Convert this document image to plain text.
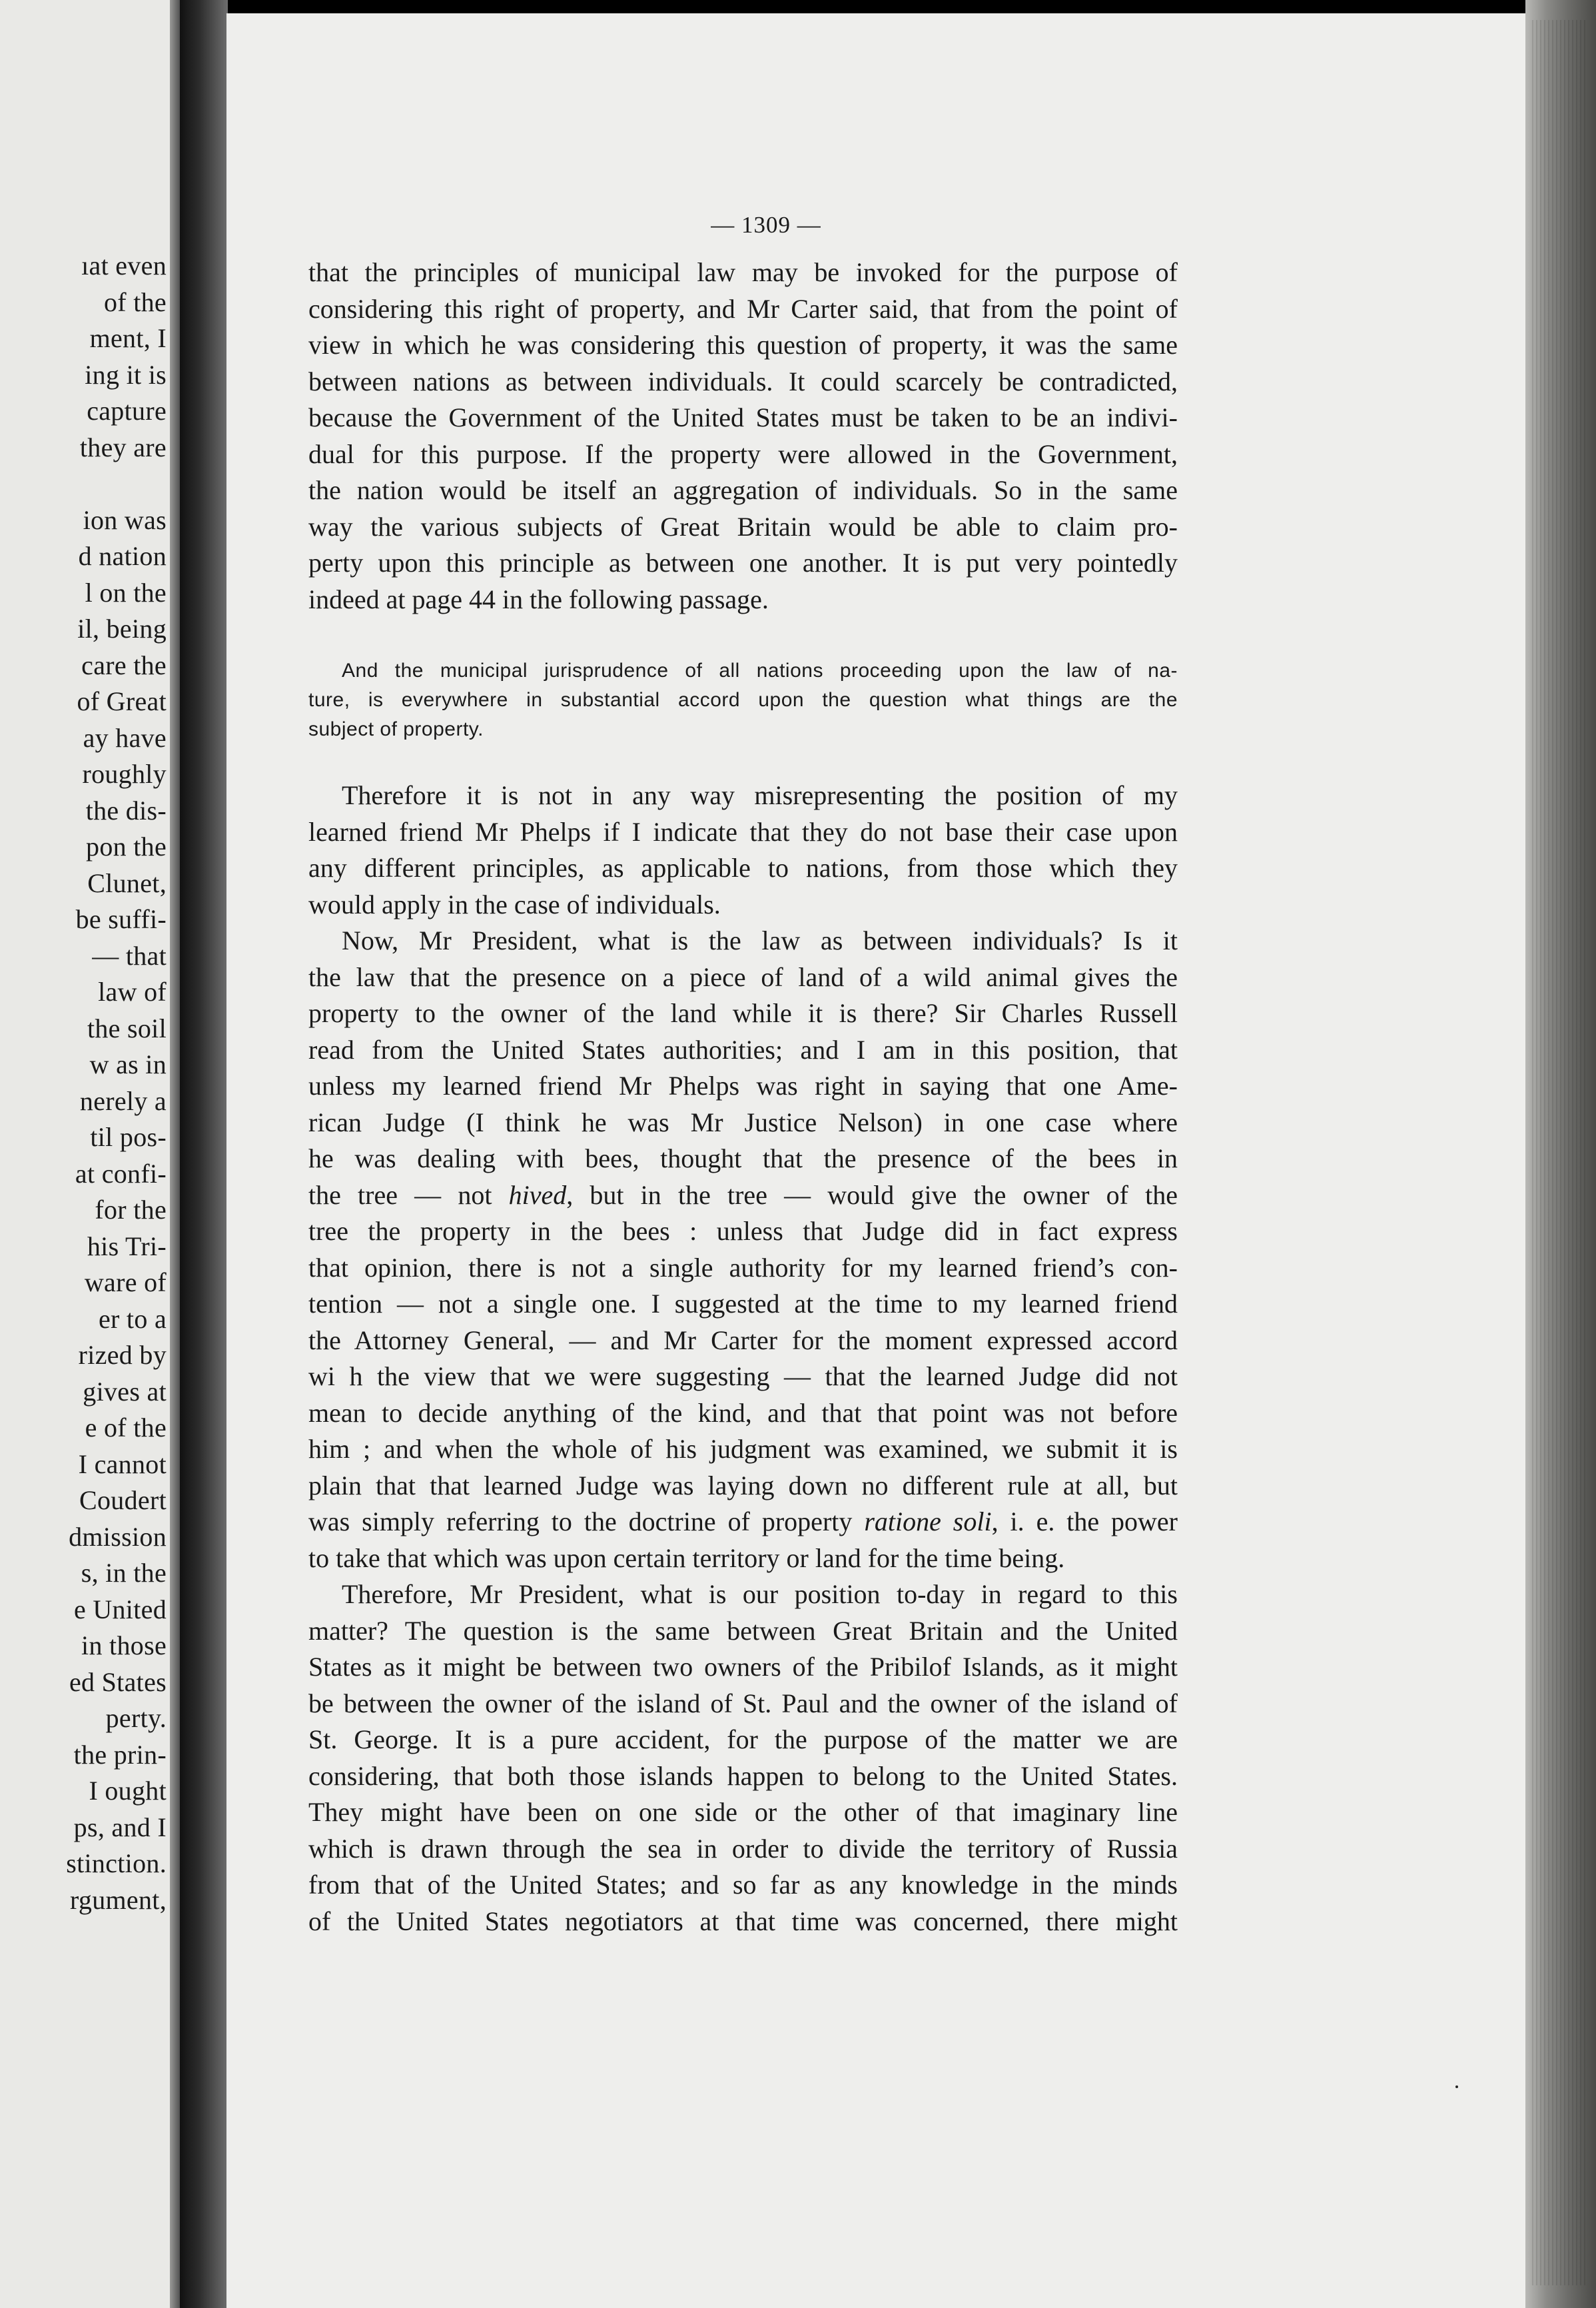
ıat even
of the
ment, I
ing it is
capture
they are
ion was
d nation
l on the
il, being
care the
of Great
ay have
roughly
the dis-
pon the
Clunet,
be suffi-
— that
law of
the soil
w as in
nerely a
til pos-
at confi-
for the
his Tri-
ware of
er to a
rized by
gives at
e of the
I cannot
Coudert
dmission
s, in the
e United
in those
ed States
perty.
the prin-
I ought
ps, and I
stinction.
rgument,
— 1309 —
that the principles of municipal law may be invoked for the purpose of
considering this right of property, and Mr Carter said, that from the point of
view in which he was considering this question of property, it was the same
between nations as between individuals. It could scarcely be contradicted,
because the Government of the United States must be taken to be an indivi-
dual for this purpose. If the property were allowed in the Government,
the nation would be itself an aggregation of individuals. So in the same
way the various subjects of Great Britain would be able to claim pro-
perty upon this principle as between one another. It is put very pointedly
indeed at page 44 in the following passage.
And the municipal jurisprudence of all nations proceeding upon the law of na-
ture, is everywhere in substantial accord upon the question what things are the
subject of property.
Therefore it is not in any way misrepresenting the position of my
learned friend Mr Phelps if I indicate that they do not base their case upon
any different principles, as applicable to nations, from those which they
would apply in the case of individuals.
Now, Mr President, what is the law as between individuals? Is it
the law that the presence on a piece of land of a wild animal gives the
property to the owner of the land while it is there? Sir Charles Russell
read from the United States authorities; and I am in this position, that
unless my learned friend Mr Phelps was right in saying that one Ame-
rican Judge (I think he was Mr Justice Nelson) in one case where
he was dealing with bees, thought that the presence of the bees in
the tree — not hived, but in the tree — would give the owner of the
tree the property in the bees : unless that Judge did in fact express
that opinion, there is not a single authority for my learned friend’s con-
tention — not a single one. I suggested at the time to my learned friend
the Attorney General, — and Mr Carter for the moment expressed accord
wi h the view that we were suggesting — that the learned Judge did not
mean to decide anything of the kind, and that that point was not before
him ; and when the whole of his judgment was examined, we submit it is
plain that that learned Judge was laying down no different rule at all, but
was simply referring to the doctrine of property ratione soli, i. e. the power
to take that which was upon certain territory or land for the time being.
Therefore, Mr President, what is our position to-day in regard to this
matter? The question is the same between Great Britain and the United
States as it might be between two owners of the Pribilof Islands, as it might
be between the owner of the island of St. Paul and the owner of the island of
St. George. It is a pure accident, for the purpose of the matter we are
considering, that both those islands happen to belong to the United States.
They might have been on one side or the other of that imaginary line
which is drawn through the sea in order to divide the territory of Russia
from that of the United States; and so far as any knowledge in the minds
of the United States negotiators at that time was concerned, there might
